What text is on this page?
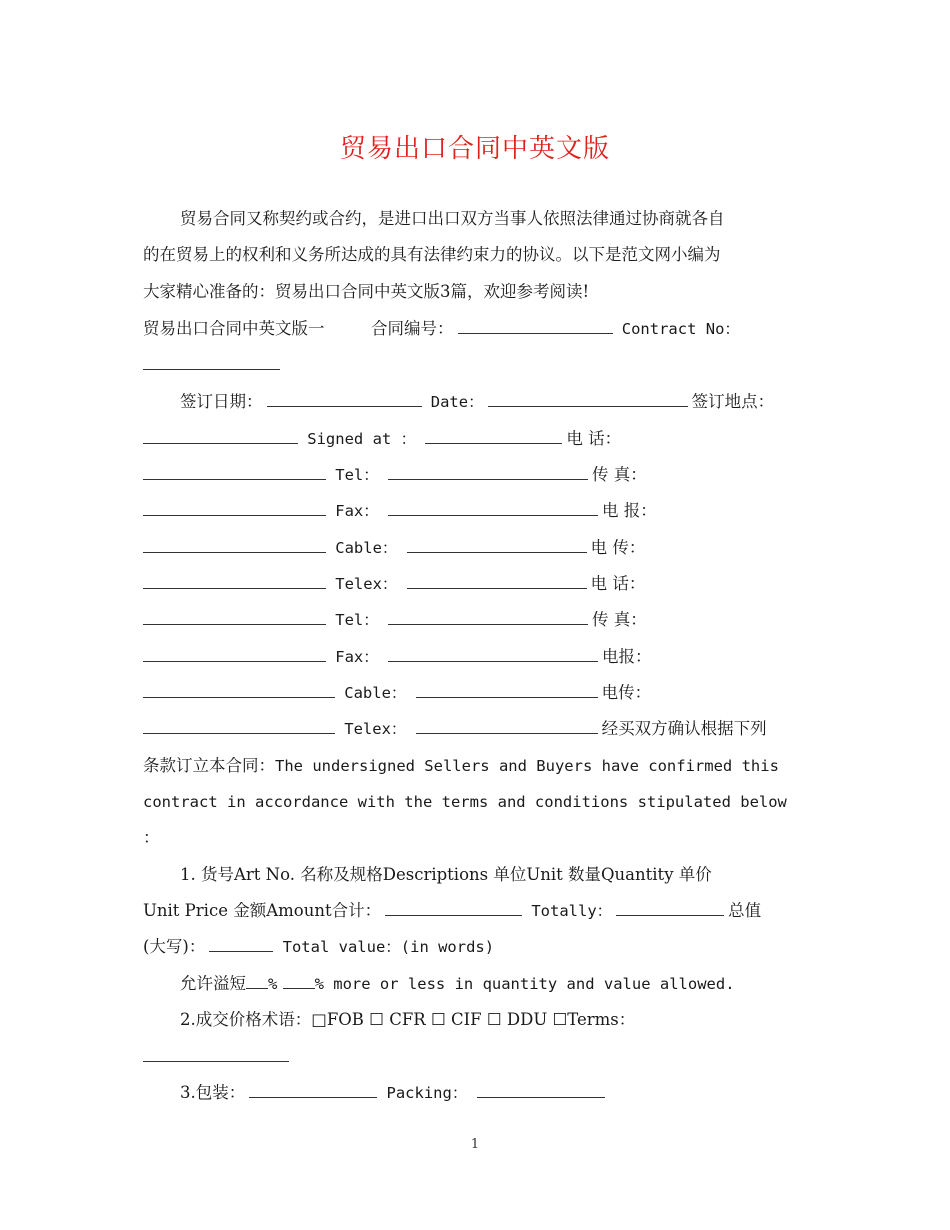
贸易出口合同中英文版
贸易合同又称契约或合约，是进口出口双方当事人依照法律通过协商就各自
的在贸易上的权利和义务所达成的具有法律约束力的协议。以下是范文网小编为
大家精心准备的：贸易出口合同中英文版3篇，欢迎参考阅读!
贸易出口合同中英文版一	合同编号：	Contract No：
签订日期：	Date：	签订地点：
Signed at ：	电 话：
Tel：	传 真：
Fax：	电 报：
Cable：	电 传：
Telex：	电 话：
Tel：	传 真：
Fax：	电报：
Cable：	电传：
Telex：	经买双方确认根据下列
条款订立本合同：The undersigned Sellers and Buyers have confirmed this
contract in accordance with the terms and conditions stipulated below
：
1. 货号Art No. 名称及规格Descriptions 单位Unit 数量Quantity 单价
Unit Price 金额Amount合计：	Totally：	总值
(大写)：	Total value：(in words)
允许溢短 % % more or less in quantity and value allowed.
2.成交价格术语：□FOB ☐ CFR ☐ CIF ☐ DDU ☐Terms：
3.包装：	Packing：
1
